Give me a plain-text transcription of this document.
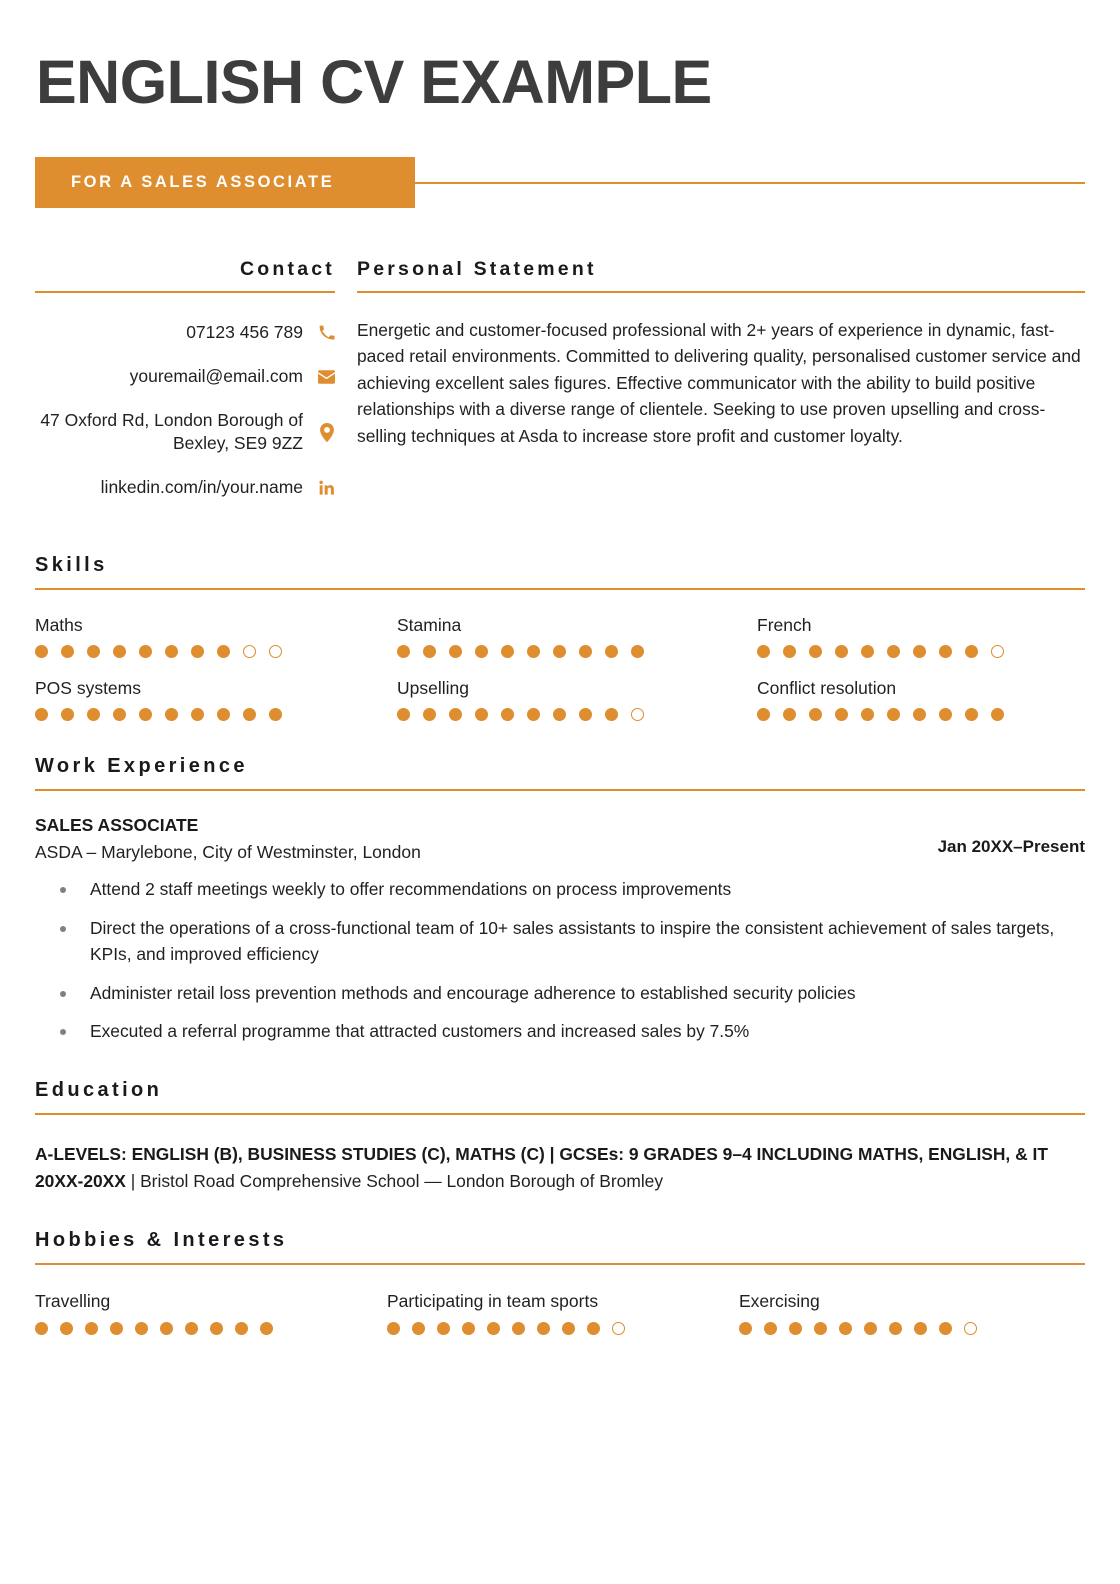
ENGLISH CV EXAMPLE
FOR A SALES ASSOCIATE
Contact
07123 456 789
youremail@email.com
47 Oxford Rd, London Borough of Bexley, SE9 9ZZ
linkedin.com/in/your.name
Personal Statement
Energetic and customer-focused professional with 2+ years of experience in dynamic, fast-paced retail environments. Committed to delivering quality, personalised customer service and achieving excellent sales figures. Effective communicator with the ability to build positive relationships with a diverse range of clientele. Seeking to use proven upselling and cross-selling techniques at Asda to increase store profit and customer loyalty.
Skills
Maths	Stamina	French
POS systems	Upselling	Conflict resolution
Work Experience
SALES ASSOCIATE
ASDA – Marylebone, City of Westminster, London	Jan 20XX–Present
Attend 2 staff meetings weekly to offer recommendations on process improvements
Direct the operations of a cross-functional team of 10+ sales assistants to inspire the consistent achievement of sales targets, KPIs, and improved efficiency
Administer retail loss prevention methods and encourage adherence to established security policies
Executed a referral programme that attracted customers and increased sales by 7.5%
Education
A-LEVELS: ENGLISH (B), BUSINESS STUDIES (C), MATHS (C) | GCSEs: 9 GRADES 9–4 INCLUDING MATHS, ENGLISH, & IT
20XX-20XX | Bristol Road Comprehensive School — London Borough of Bromley
Hobbies & Interests
Travelling	Participating in team sports	Exercising
